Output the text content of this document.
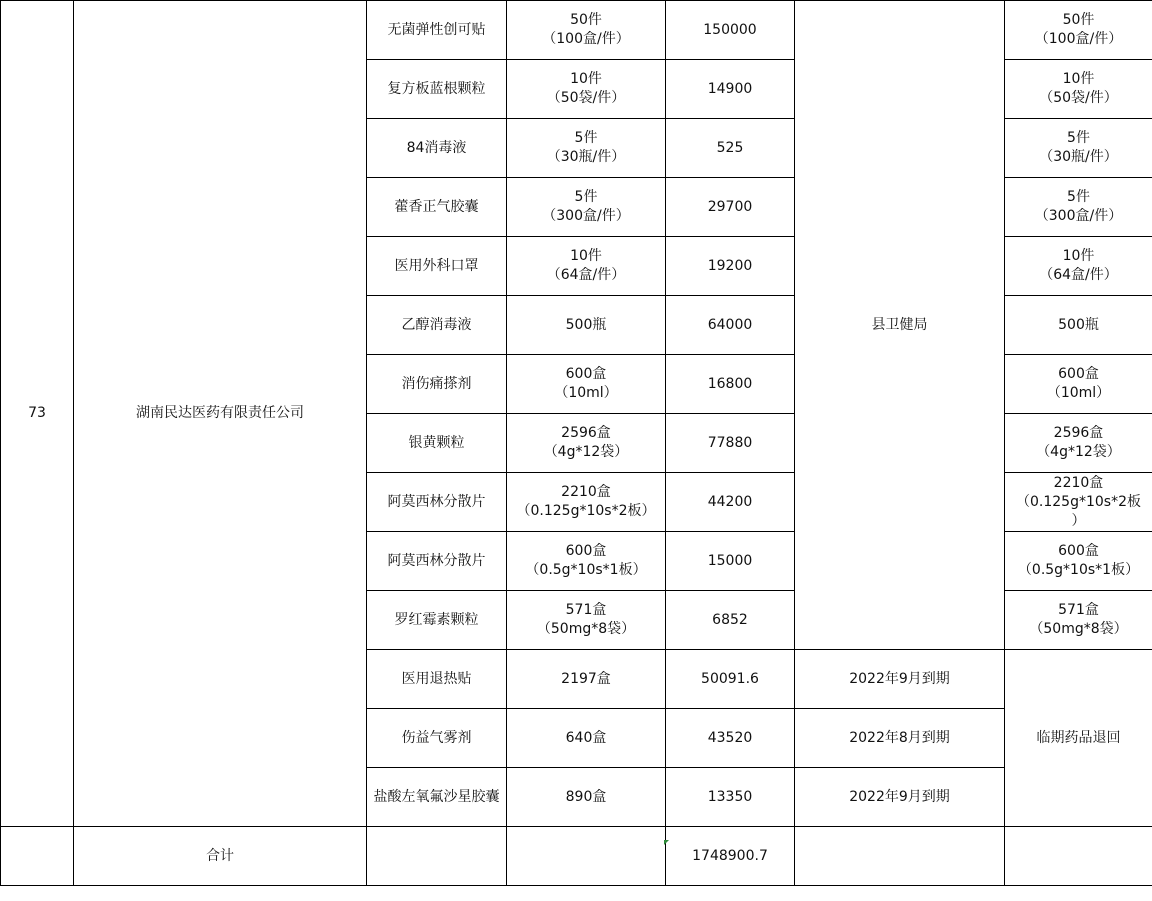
73	湖南民达医药有限责任公司	无菌弹性创可贴	50件
（100盒/件）	150000	县卫健局	50件
（100盒/件）

		复方板蓝根颗粒	10件
（50袋/件）	14900		10件
（50袋/件）

		84消毒液	5件
（30瓶/件）	525		5件
（30瓶/件）

		藿香正气胶囊	5件
（300盒/件）	29700		5件
（300盒/件）

		医用外科口罩	10件
（64盒/件）	19200		10件
（64盒/件）

		乙醇消毒液	500瓶	64000		500瓶

		消伤痛搽剂	600盒
（10ml）	16800		600盒
（10ml）

		银黄颗粒	2596盒
（4g*12袋）	77880		2596盒
（4g*12袋）

		阿莫西林分散片	2210盒
（0.125g*10s*2板）	44200		2210盒
（0.125g*10s*2板
）

		阿莫西林分散片	600盒
（0.5g*10s*1板）	15000		600盒
（0.5g*10s*1板）

		罗红霉素颗粒	571盒
（50mg*8袋）	6852		571盒
（50mg*8袋）

		医用退热贴	2197盒	50091.6	2022年9月到期	临期药品退回
		伤益气雾剂	640盒	43520	2022年8月到期	
		盐酸左氧氟沙星胶囊	890盒	13350	2022年9月到期	
	合计			1748900.7		
